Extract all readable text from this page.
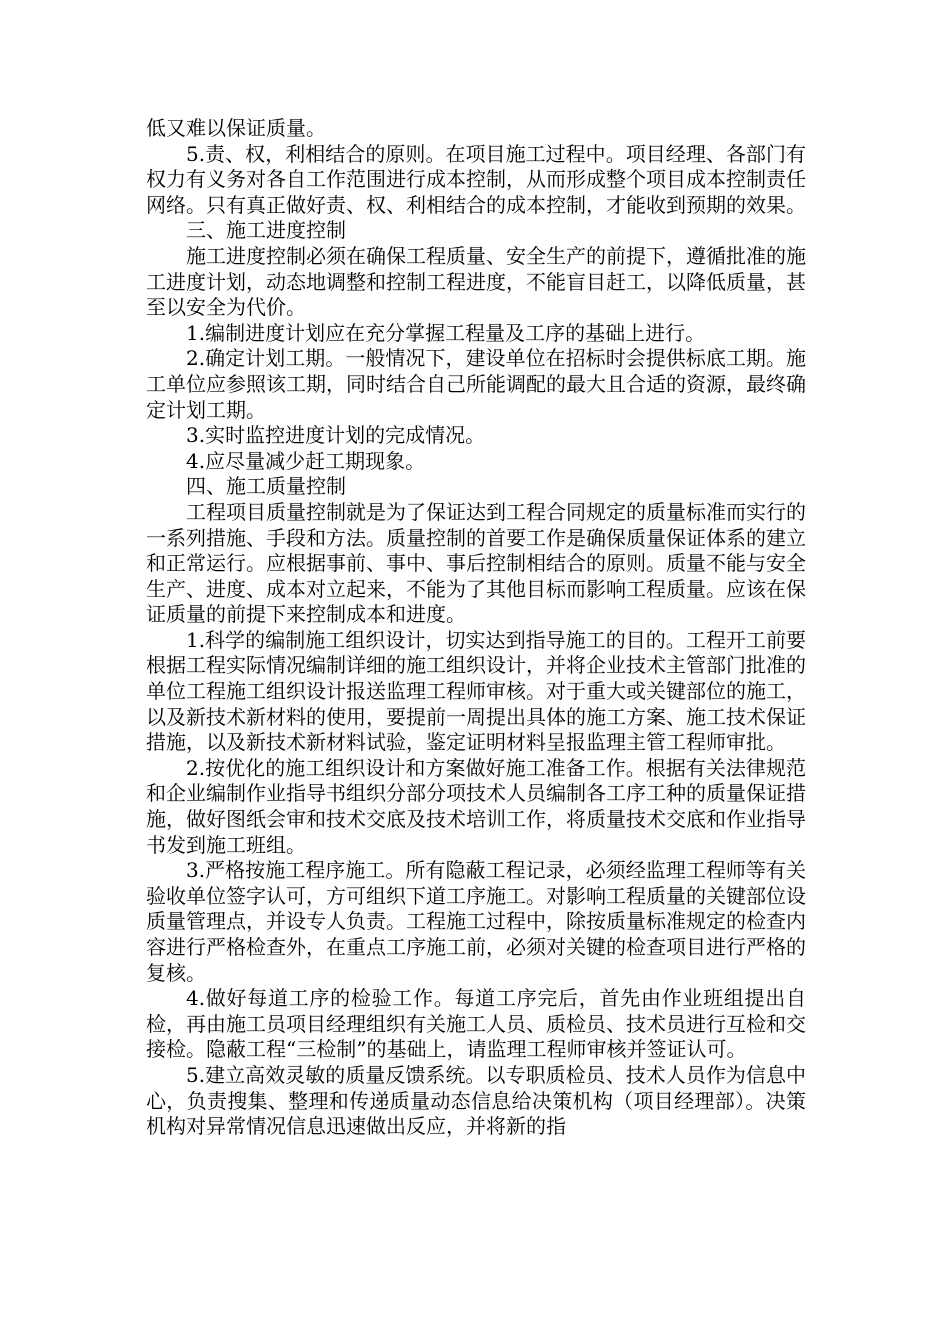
低又难以保证质量。

5.责、权，利相结合的原则。在项目施工过程中。项目经理、各部门有权力有义务对各自工作范围进行成本控制，从而形成整个项目成本控制责任网络。只有真正做好责、权、利相结合的成本控制，才能收到预期的效果。

三、施工进度控制

施工进度控制必须在确保工程质量、安全生产的前提下，遵循批准的施工进度计划，动态地调整和控制工程进度，不能盲目赶工，以降低质量，甚至以安全为代价。

1.编制进度计划应在充分掌握工程量及工序的基础上进行。

2.确定计划工期。一般情况下，建设单位在招标时会提供标底工期。施工单位应参照该工期，同时结合自己所能调配的最大且合适的资源，最终确定计划工期。

3.实时监控进度计划的完成情况。

4.应尽量减少赶工期现象。

四、施工质量控制

工程项目质量控制就是为了保证达到工程合同规定的质量标准而实行的一系列措施、手段和方法。质量控制的首要工作是确保质量保证体系的建立和正常运行。应根据事前、事中、事后控制相结合的原则。质量不能与安全生产、进度、成本对立起来，不能为了其他目标而影响工程质量。应该在保证质量的前提下来控制成本和进度。

1.科学的编制施工组织设计，切实达到指导施工的目的。工程开工前要根据工程实际情况编制详细的施工组织设计，并将企业技术主管部门批准的单位工程施工组织设计报送监理工程师审核。对于重大或关键部位的施工，以及新技术新材料的使用，要提前一周提出具体的施工方案、施工技术保证措施，以及新技术新材料试验，鉴定证明材料呈报监理主管工程师审批。

2.按优化的施工组织设计和方案做好施工准备工作。根据有关法律规范和企业编制作业指导书组织分部分项技术人员编制各工序工种的质量保证措施，做好图纸会审和技术交底及技术培训工作，将质量技术交底和作业指导书发到施工班组。

3.严格按施工程序施工。所有隐蔽工程记录，必须经监理工程师等有关验收单位签字认可，方可组织下道工序施工。对影响工程质量的关键部位设质量管理点，并设专人负责。工程施工过程中，除按质量标准规定的检查内容进行严格检查外，在重点工序施工前，必须对关键的检查项目进行严格的复核。

4.做好每道工序的检验工作。每道工序完后，首先由作业班组提出自检，再由施工员项目经理组织有关施工人员、质检员、技术员进行互检和交接检。隐蔽工程“三检制”的基础上，请监理工程师审核并签证认可。

5.建立高效灵敏的质量反馈系统。以专职质检员、技术人员作为信息中心，负责搜集、整理和传递质量动态信息给决策机构（项目经理部）。决策机构对异常情况信息迅速做出反应，并将新的指
